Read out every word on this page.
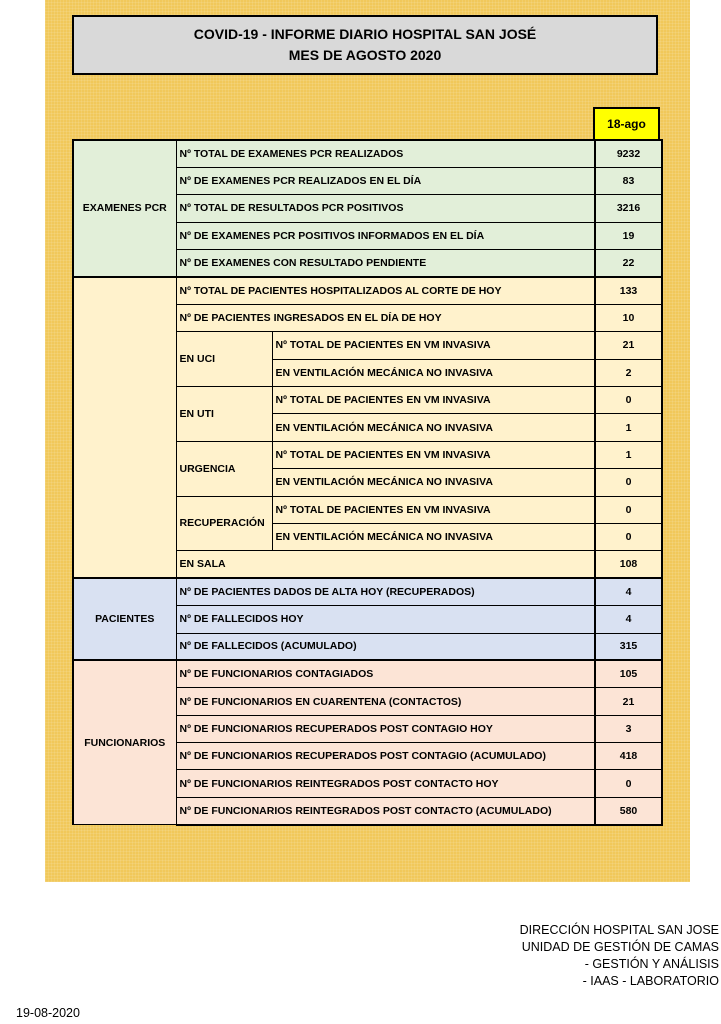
COVID-19 - INFORME DIARIO HOSPITAL SAN JOSÉ
MES DE AGOSTO 2020
18-ago
EXAMENES PCR	Nº TOTAL DE EXAMENES PCR REALIZADOS		9232
	Nº DE EXAMENES PCR REALIZADOS EN EL DÍA		83
	Nº TOTAL DE RESULTADOS PCR POSITIVOS		3216
	Nº DE EXAMENES PCR POSITIVOS INFORMADOS EN EL DÍA		19
	Nº DE EXAMENES CON RESULTADO PENDIENTE		22
	Nº TOTAL DE PACIENTES HOSPITALIZADOS AL CORTE DE HOY		133
	Nº DE PACIENTES INGRESADOS EN EL DÍA DE HOY		10
	EN UCI	Nº TOTAL DE PACIENTES EN VM INVASIVA	21
		EN VENTILACIÓN MECÁNICA NO INVASIVA	2
	EN UTI	Nº TOTAL DE PACIENTES EN VM INVASIVA	0
		EN VENTILACIÓN MECÁNICA NO INVASIVA	1
	URGENCIA	Nº TOTAL DE PACIENTES EN VM INVASIVA	1
		EN VENTILACIÓN MECÁNICA NO INVASIVA	0
	RECUPERACIÓN	Nº TOTAL DE PACIENTES EN VM INVASIVA	0
		EN VENTILACIÓN MECÁNICA NO INVASIVA	0
	EN SALA		108
PACIENTES	Nº DE PACIENTES DADOS DE ALTA HOY (RECUPERADOS)		4
	Nº DE FALLECIDOS HOY		4
	Nº DE FALLECIDOS (ACUMULADO)		315
FUNCIONARIOS	Nº DE FUNCIONARIOS CONTAGIADOS		105
	Nº DE FUNCIONARIOS EN CUARENTENA (CONTACTOS)		21
	Nº DE FUNCIONARIOS RECUPERADOS POST CONTAGIO HOY		3
	Nº DE FUNCIONARIOS RECUPERADOS POST CONTAGIO (ACUMULADO)		418
	Nº DE FUNCIONARIOS REINTEGRADOS POST CONTACTO HOY		0
	Nº DE FUNCIONARIOS REINTEGRADOS POST CONTACTO (ACUMULADO)		580
DIRECCIÓN HOSPITAL SAN JOSE
UNIDAD DE GESTIÓN DE CAMAS
- GESTIÓN Y ANÁLISIS
- IAAS - LABORATORIO
19-08-2020
